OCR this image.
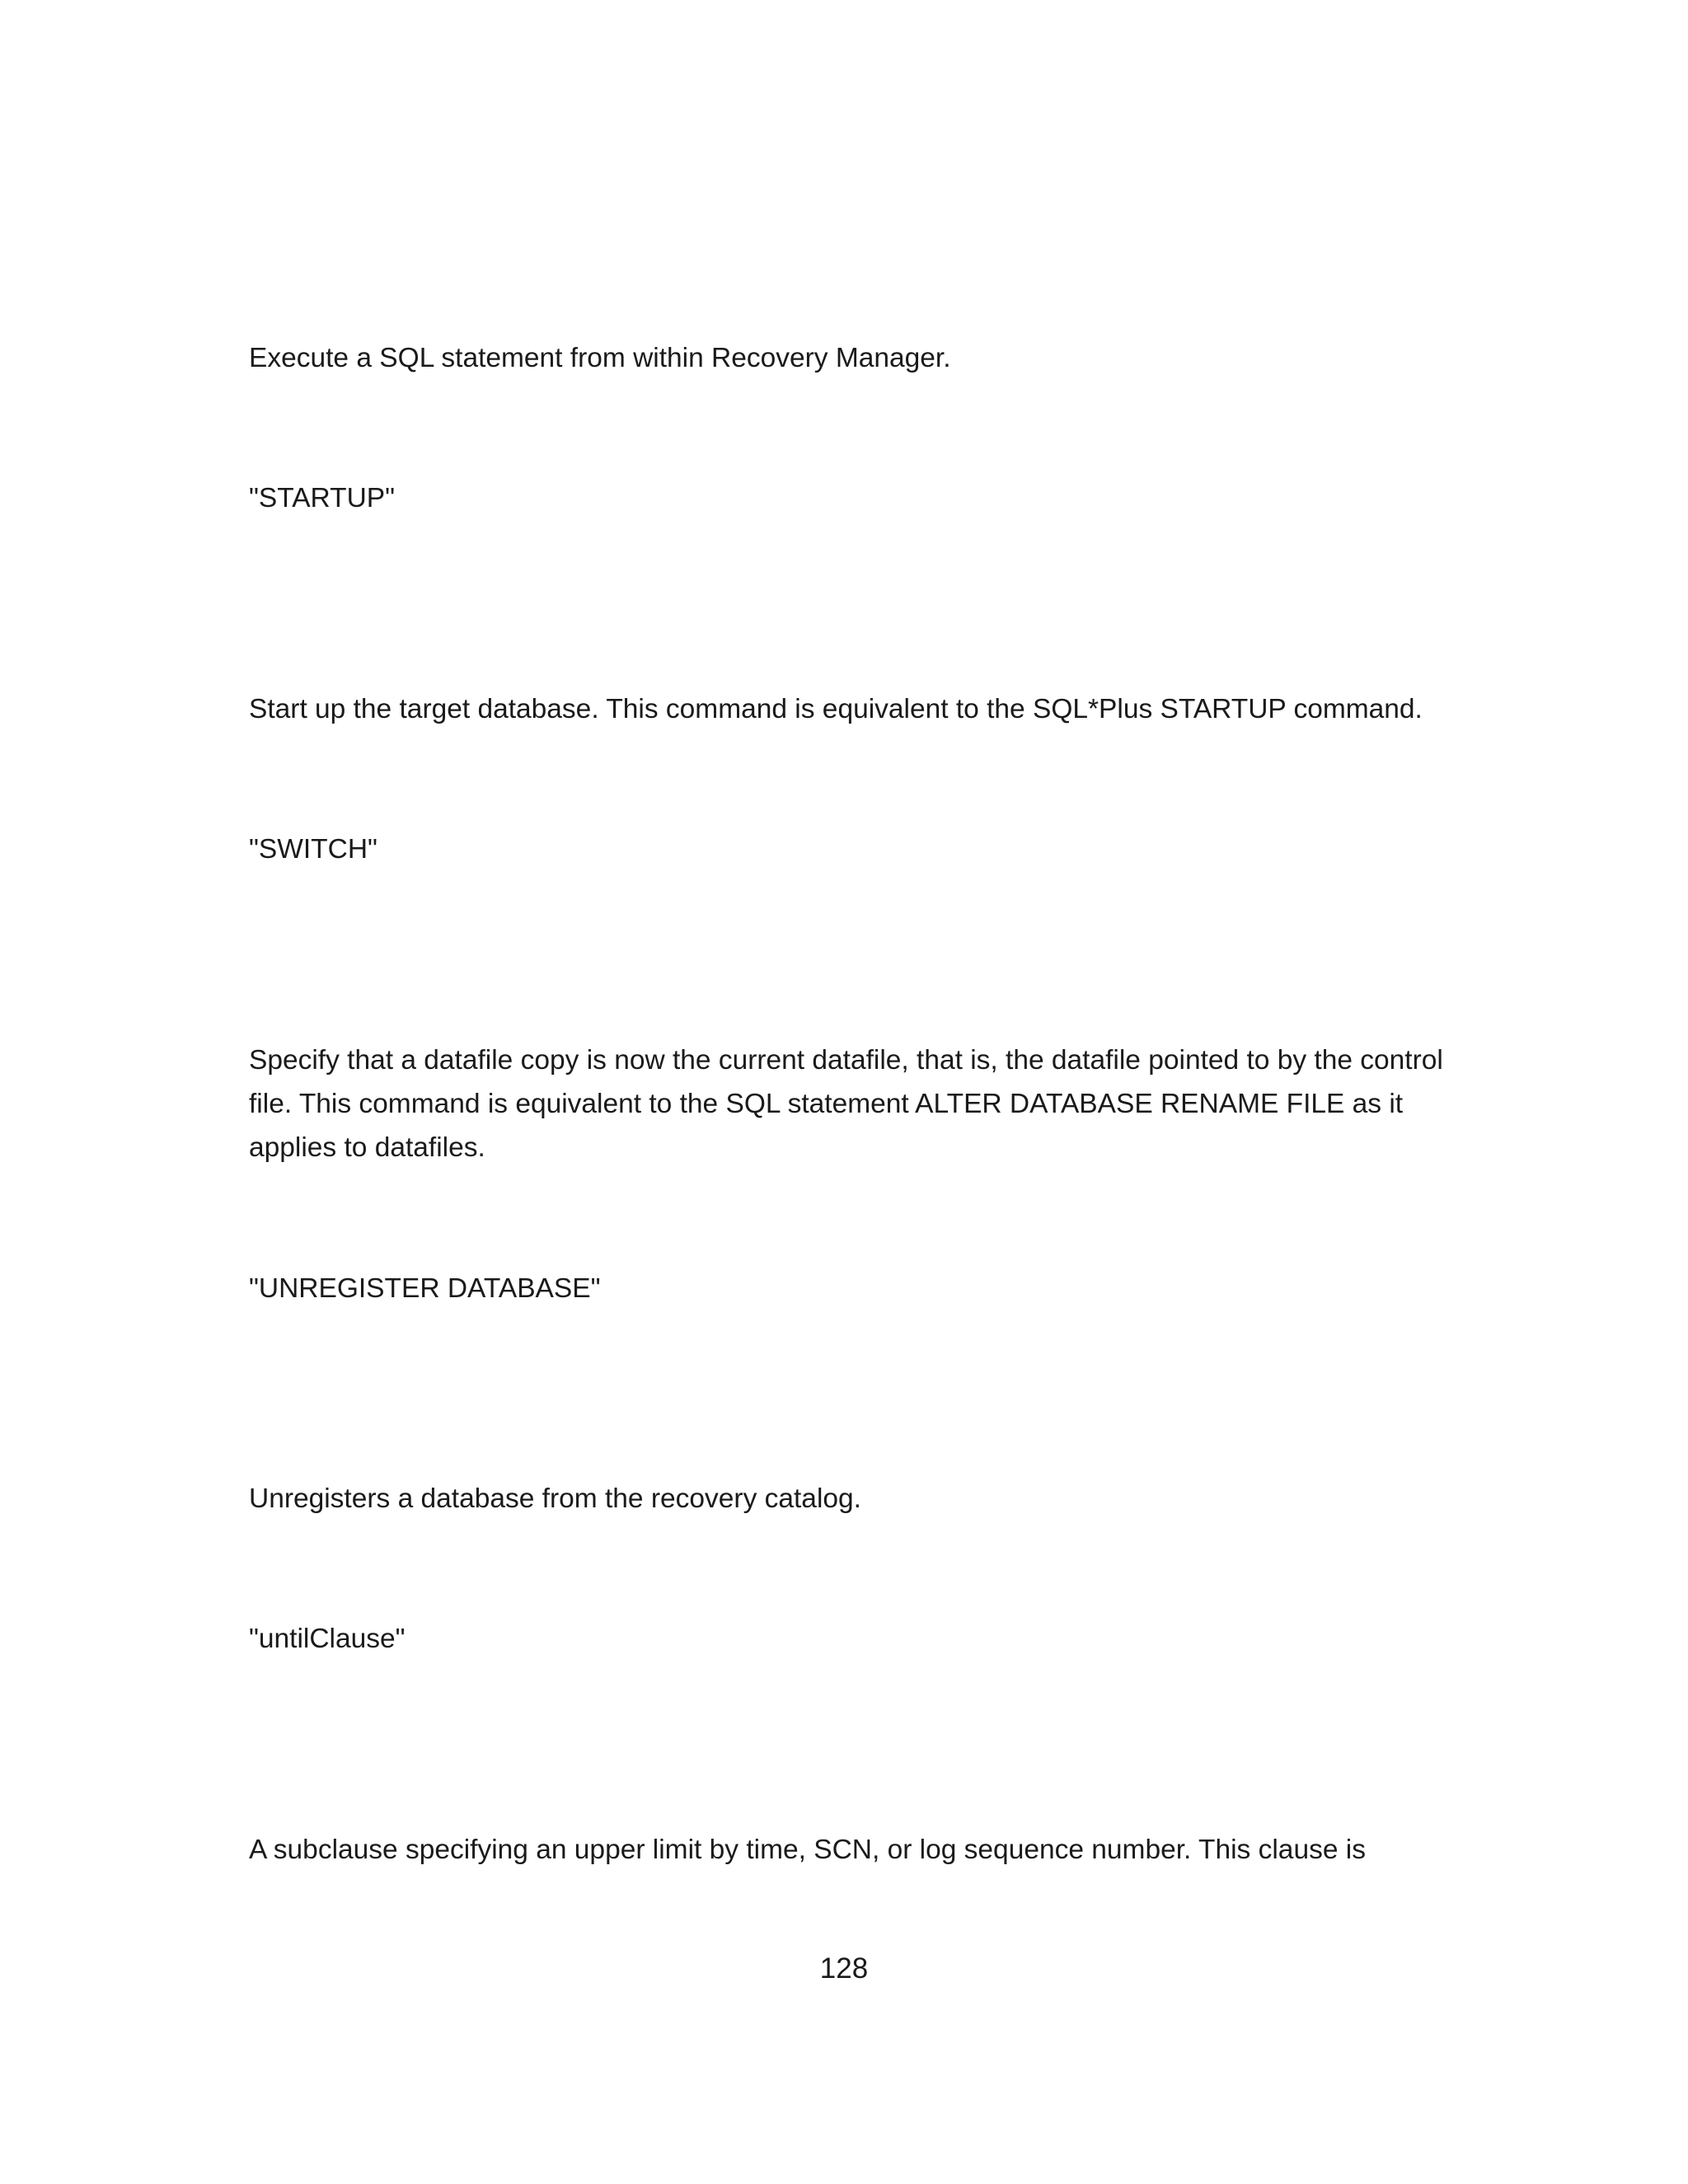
Execute a SQL statement from within Recovery Manager.

"STARTUP"

Start up the target database. This command is equivalent to the SQL*Plus STARTUP command.

"SWITCH"

Specify that a datafile copy is now the current datafile, that is, the datafile pointed to by the control file. This command is equivalent to the SQL statement ALTER DATABASE RENAME FILE as it applies to datafiles.

"UNREGISTER DATABASE"

Unregisters a database from the recovery catalog.

"untilClause"

A subclause specifying an upper limit by time, SCN, or log sequence number. This clause is

128
